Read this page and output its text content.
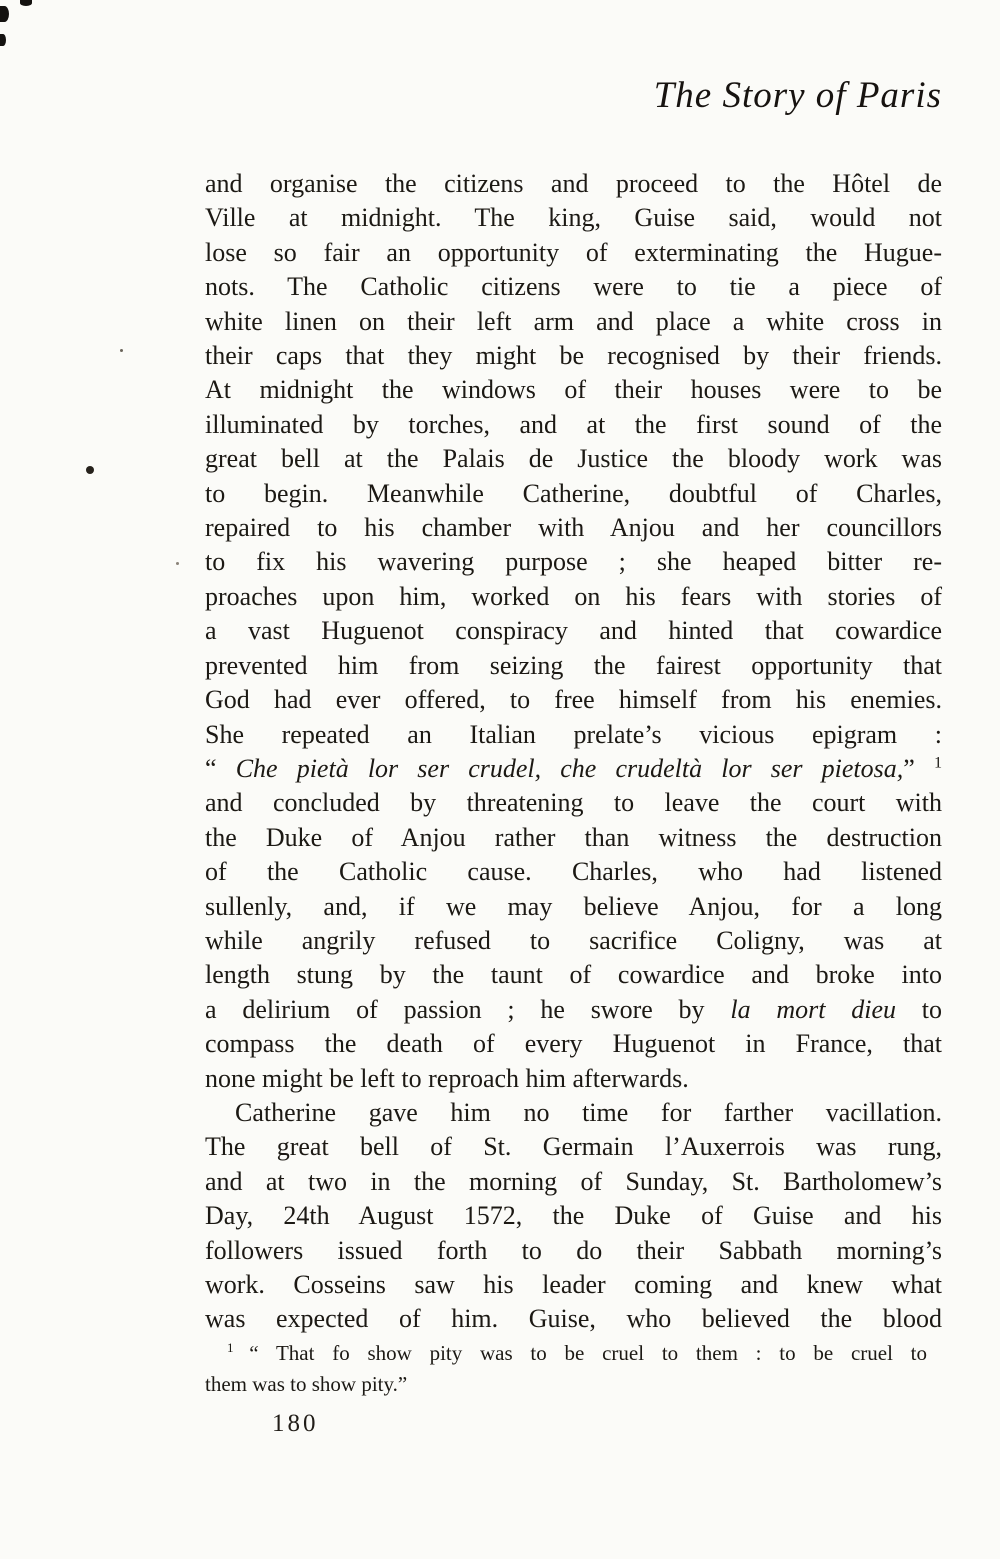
The Story of Paris
and organise the citizens and proceed to the Hôtel de
Ville at midnight. The king, Guise said, would not
lose so fair an opportunity of exterminating the Hugue-
nots. The Catholic citizens were to tie a piece of
white linen on their left arm and place a white cross in
their caps that they might be recognised by their friends.
At midnight the windows of their houses were to be
illuminated by torches, and at the first sound of the
great bell at the Palais de Justice the bloody work was
to begin. Meanwhile Catherine, doubtful of Charles,
repaired to his chamber with Anjou and her councillors
to fix his wavering purpose ; she heaped bitter re-
proaches upon him, worked on his fears with stories of
a vast Huguenot conspiracy and hinted that cowardice
prevented him from seizing the fairest opportunity that
God had ever offered, to free himself from his enemies.
She repeated an Italian prelate’s vicious epigram :
“ Che pietà lor ser crudel, che crudeltà lor ser pietosa,” $^1$
and concluded by threatening to leave the court with
the Duke of Anjou rather than witness the destruction
of the Catholic cause. Charles, who had listened
sullenly, and, if we may believe Anjou, for a long
while angrily refused to sacrifice Coligny, was at
length stung by the taunt of cowardice and broke into
a delirium of passion ; he swore by la mort dieu to
compass the death of every Huguenot in France, that
none might be left to reproach him afterwards.
Catherine gave him no time for farther vacillation.
The great bell of St. Germain l’Auxerrois was rung,
and at two in the morning of Sunday, St. Bartholomew’s
Day, 24th August 1572, the Duke of Guise and his
followers issued forth to do their Sabbath morning’s
work. Cosseins saw his leader coming and knew what
was expected of him. Guise, who believed the blood
$^1$ “ That fo show pity was to be cruel to them : to be cruel to
them was to show pity.”
180
